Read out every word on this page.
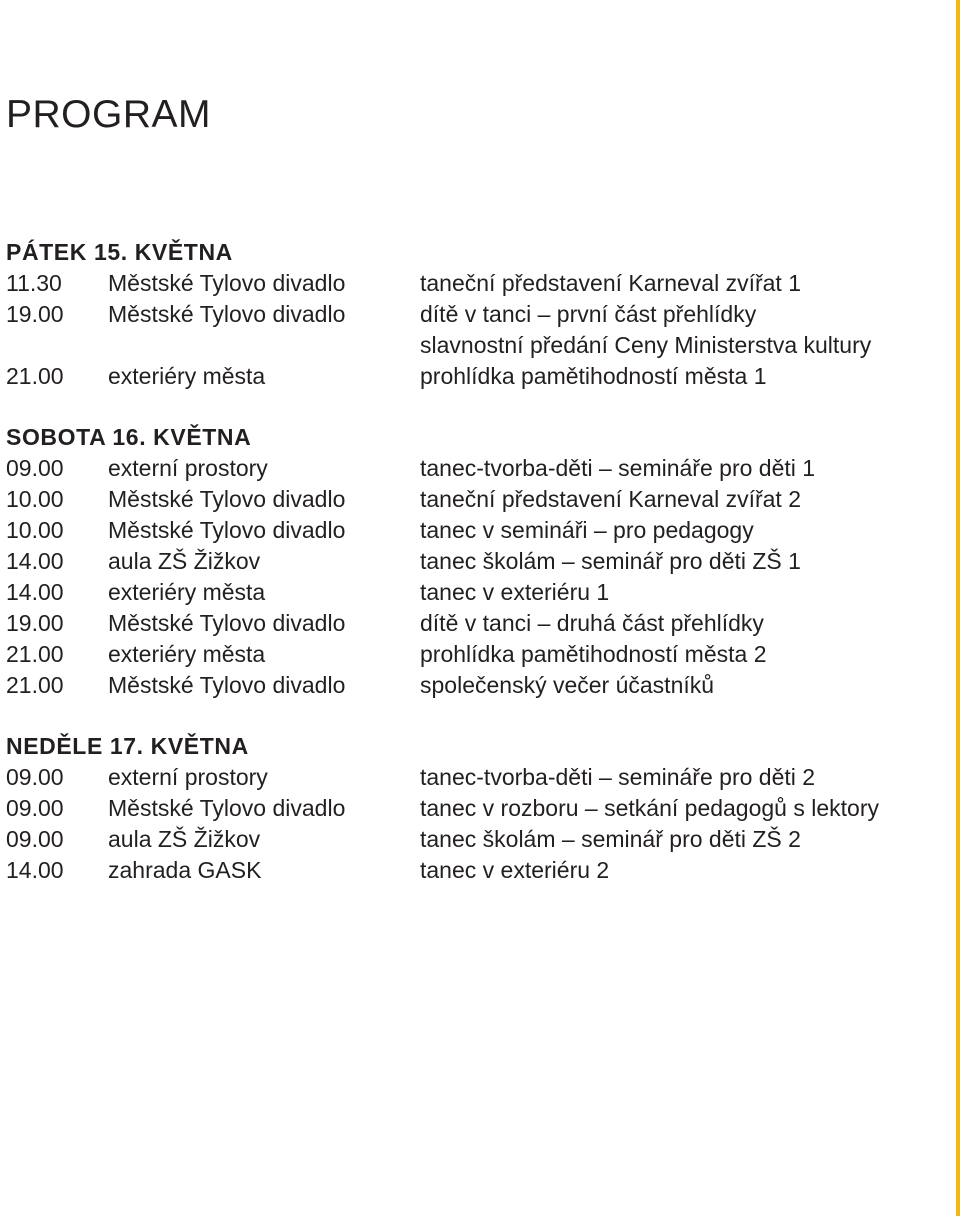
PROGRAM
PÁTEK 15. KVĚTNA
11.30	Městské Tylovo divadlo	taneční představení Karneval zvířat 1
19.00	Městské Tylovo divadlo	dítě v tanci – první část přehlídky
slavnostní předání Ceny Ministerstva kultury
21.00	exteriéry města	prohlídka pamětihodností města 1
SOBOTA 16. KVĚTNA
09.00	externí prostory	tanec-tvorba-děti – semináře pro děti 1
10.00	Městské Tylovo divadlo	taneční představení Karneval zvířat 2
10.00	Městské Tylovo divadlo	tanec v semináři – pro pedagogy
14.00	aula ZŠ Žižkov	tanec školám – seminář pro děti ZŠ 1
14.00	exteriéry města	tanec v exteriéru 1
19.00	Městské Tylovo divadlo	dítě v tanci – druhá část přehlídky
21.00	exteriéry města	prohlídka pamětihodností města 2
21.00	Městské Tylovo divadlo	společenský večer účastníků
NEDĚLE 17. KVĚTNA
09.00	externí prostory	tanec-tvorba-děti – semináře pro děti 2
09.00	Městské Tylovo divadlo	tanec v rozboru – setkání pedagogů s lektory
09.00	aula ZŠ Žižkov	tanec školám – seminář pro děti ZŠ 2
14.00	zahrada GASK	tanec v exteriéru 2
